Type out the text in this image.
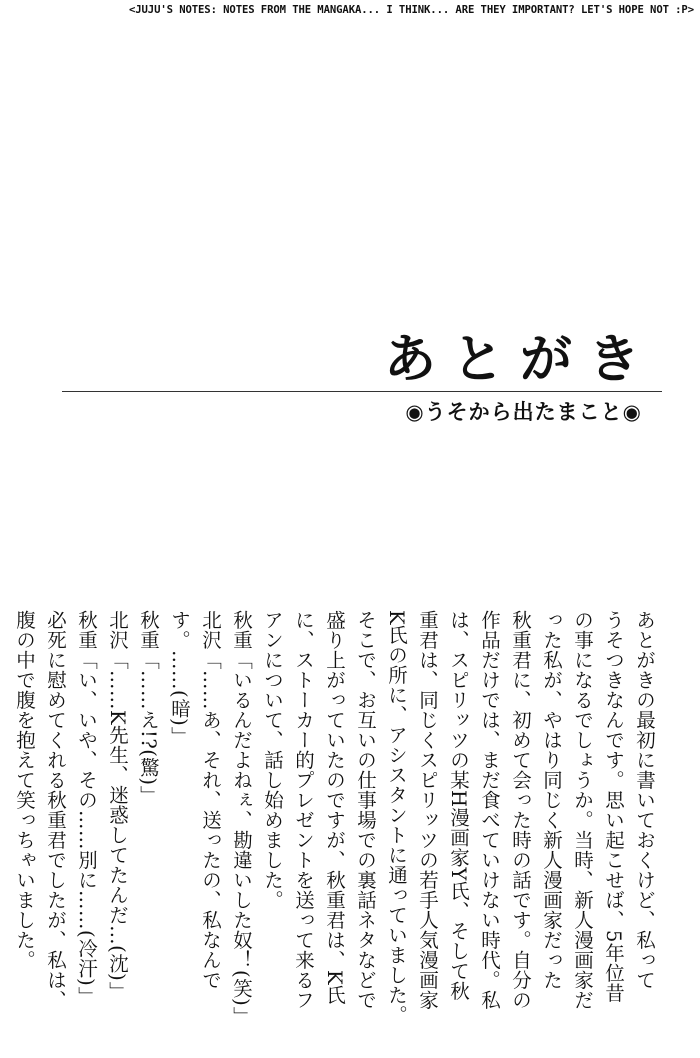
<JUJU'S NOTES: NOTES FROM THE MANGAKA... I THINK... ARE THEY IMPORTANT? LET'S HOPE NOT :P>
あとがき
◉うそから出たまこと◉

あとがきの最初に書いておくけど、私って

うそつきなんです。思い起こせば、5年位昔

の事になるでしょうか。当時、新人漫画家だ

った私が、やはり同じく新人漫画家だった

秋重君に、初めて会った時の話です。自分の

作品だけでは、まだ食べていけない時代。私

は、スピリッツの某H漫画家Y氏、そして秋

重君は、同じくスピリッツの若手人気漫画家

K氏の所に、アシスタントに通っていました。

そこで、お互いの仕事場での裏話ネタなどで

盛り上がっていたのですが、秋重君は、K氏

に、ストーカー的プレゼントを送って来るフ

アンについて、話し始めました。

秋重「いるんだよねぇ、勘違いした奴！(笑)」

北沢「……あ、それ、送ったの、私なんで

す。……(暗)」

秋重「……え!?(驚)」

北沢「……K先生、迷惑してたんだ…(沈)」

秋重「い、いや、その……別に……(冷汗)」

必死に慰めてくれる秋重君でしたが、私は、

腹の中で腹を抱えて笑っちゃいました。
